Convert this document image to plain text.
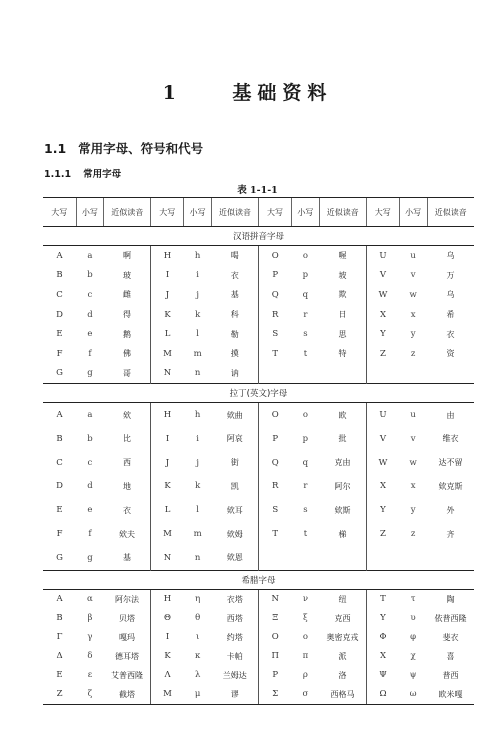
1	基础资料
1.1 常用字母、符号和代号
1.1.1 常用字母
表 1-1-1
大写	小写	近似读音	大写	小写	近似读音	大写	小写	近似读音	大写	小写	近似读音
汉语拼音字母											
A	a	啊	H	h	喝	O	o	喔	U	u	乌
B	b	玻	I	i	衣	P	p	坡	V	v	万
C	c	雌	J	j	基	Q	q	欺	W	w	乌
D	d	得	K	k	科	R	r	日	X	x	希
E	e	鹅	L	l	勒	S	s	思	Y	y	衣
F	f	佛	M	m	摸	T	t	特	Z	z	资
G	g	哥	N	n	讷						
拉丁(英文)字母											
A	a	欸	H	h	欸曲	O	o	欧	U	u	由
B	b	比	I	i	阿哀	P	p	批	V	v	维衣
C	c	西	J	j	街	Q	q	克由	W	w	达不留
D	d	地	K	k	凯	R	r	阿尔	X	x	欸克斯
E	e	衣	L	l	欸耳	S	s	欸斯	Y	y	外
F	f	欸夫	M	m	欸姆	T	t	梯	Z	z	齐
G	g	基	N	n	欸恩						
希腊字母											
A	α	阿尔法	H	η	衣塔	N	ν	纽	T	τ	陶
B	β	贝塔	Θ	θ	西塔	Ξ	ξ	克西	Υ	υ	依普西隆
Γ	γ	嘎玛	I	ι	约塔	O	ο	奥密克戎	Φ	φ	斐衣
Δ	δ	德耳塔	K	κ	卡帕	Π	π	派	X	χ	喜
E	ε	艾普西隆	Λ	λ	兰姆达	P	ρ	洛	Ψ	ψ	普西
Z	ζ	截塔	M	μ	谬	Σ	σ	西格马	Ω	ω	欧米嘎
